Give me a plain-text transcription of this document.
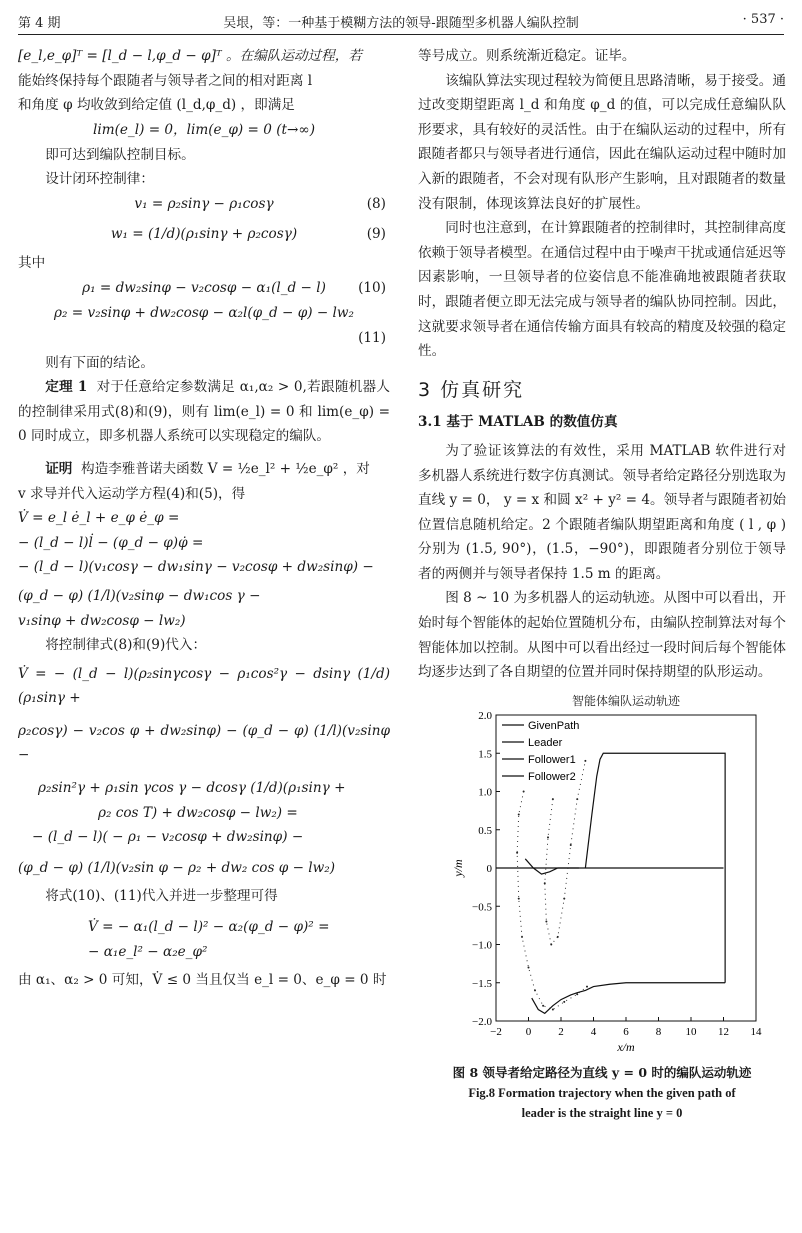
第 4 期	吴垠，等：一种基于模糊方法的领导-跟随型多机器人编队控制	· 537 ·

[e_l,e_φ]ᵀ = [l_d − l,φ_d − φ]ᵀ 。在编队运动过程，若

能始终保持每个跟随者与领导者之间的相对距离 l

和角度 φ 均收敛到给定值 (l_d,φ_d) ，即满足

lim(e_l) = 0，lim(e_φ) = 0 (t→∞)

即可达到编队控制目标。

设计闭环控制律：

v₁ = ρ₂sinγ − ρ₁cosγ	(8)
w₁ = (1/d)(ρ₁sinγ + ρ₂cosγ)	(9)

其中

ρ₁ = dw₂sinφ − v₂cosφ − α₁(l_d − l)	(10)
ρ₂ = v₂sinφ + dw₂cosφ − α₂l(φ_d − φ) − lw₂
(11)

则有下面的结论。

定理 1 对于任意给定参数满足 α₁,α₂ > 0,若跟随机器人的控制律采用式(8)和(9)，则有 lim(e_l) = 0 和 lim(e_φ) = 0 同时成立，即多机器人系统可以实现稳定的编队。

证明 构造李雅普诺夫函数 V = ½e_l² + ½e_φ² ，对

v 求导并代入运动学方程(4)和(5)，得

V̇ = e_l ė_l + e_φ ė_φ =

− (l_d − l)l̇ − (φ_d − φ)φ̇ =

− (l_d − l)(v₁cosγ − dw₁sinγ − v₂cosφ + dw₂sinφ) −

(φ_d − φ) (1/l)(v₂sinφ − dw₁cos γ −

v₁sinφ + dw₂cosφ − lw₂)

将控制律式(8)和(9)代入：

V̇ = − (l_d − l)(ρ₂sinγcosγ − ρ₁cos²γ − dsinγ (1/d)(ρ₁sinγ +

ρ₂cosγ) − v₂cos φ + dw₂sinφ) − (φ_d − φ) (1/l)(v₂sinφ −

ρ₂sin²γ + ρ₁sin γcos γ − dcosγ (1/d)(ρ₁sinγ +

ρ₂ cos T) + dw₂cosφ − lw₂) =

− (l_d − l)( − ρ₁ − v₂cosφ + dw₂sinφ) −

(φ_d − φ) (1/l)(v₂sin φ − ρ₂ + dw₂ cos φ − lw₂)

将式(10)、(11)代入并进一步整理可得

V̇ = − α₁(l_d − l)² − α₂(φ_d − φ)² =

− α₁e_l² − α₂e_φ²

由 α₁、α₂ > 0 可知，V̇ ≤ 0 当且仅当 e_l = 0、e_φ = 0 时

等号成立。则系统渐近稳定。证毕。

该编队算法实现过程较为简便且思路清晰，易于接受。通过改变期望距离 l_d 和角度 φ_d 的值，可以完成任意编队队形要求，具有较好的灵活性。由于在编队运动的过程中，所有跟随者都只与领导者进行通信，因此在编队运动过程中随时加入新的跟随者，不会对现有队形产生影响，且对跟随者的数量没有限制，体现该算法良好的扩展性。

同时也注意到，在计算跟随者的控制律时，其控制律高度依赖于领导者模型。在通信过程中由于噪声干扰或通信延迟等因素影响，一旦领导者的位姿信息不能准确地被跟随者获取时，跟随者便立即无法完成与领导者的编队协同控制。因此，这就要求领导者在通信传输方面具有较高的精度及较强的稳定性。

3 仿真研究
3.1 基于 MATLAB 的数值仿真

为了验证该算法的有效性，采用 MATLAB 软件进行对多机器人系统进行数字仿真测试。领导者给定路径分别选取为直线 y = 0， y = x 和圆 x² + y² = 4。领导者与跟随者初始位置信息随机给定。2 个跟随者编队期望距离和角度 ( l , φ ) 分别为 (1.5, 90°)，(1.5，−90°)，即跟随者分别位于领导者的两侧并与领导者保持 1.5 m 的距离。

图 8 ~ 10 为多机器人的运动轨迹。从图中可以看出，开始时每个智能体的起始位置随机分布，由编队控制算法对每个智能体加以控制。从图中可以看出经过一段时间后每个智能体均逐步达到了各自期望的位置并同时保持期望的队形运动。

智能体编队运动轨迹
−2 0 2 4 6 8 10 12 14
2.0
1.5
1.0
0.5
0
−0.5
−1.0
−1.5
−2.0
x/m
y/m
GivenPath
Leader
Follower1
Follower2
图 8 领导者给定路径为直线 y = 0 时的编队运动轨迹
Fig.8 Formation trajectory when the given path of
leader is the straight line y = 0
